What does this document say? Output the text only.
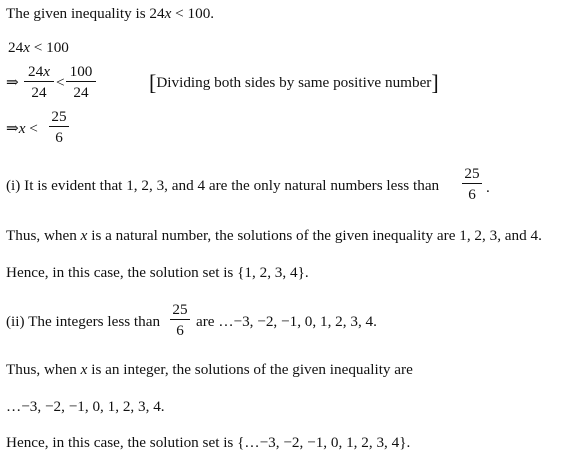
The given inequality is 24x < 100.
24x < 100
⇒
24x
24
<
100
24	[Dividing both sides by same positive number]
⇒x <
25
6
(i) It is evident that 1, 2, 3, and 4 are the only natural numbers less than
25
6 .
Thus, when x is a natural number, the solutions of the given inequality are 1, 2, 3, and 4.
Hence, in this case, the solution set is {1, 2, 3, 4}.
(ii) The integers less than
25
6
are …−3, −2, −1, 0, 1, 2, 3, 4.
Thus, when x is an integer, the solutions of the given inequality are
…−3, −2, −1, 0, 1, 2, 3, 4.
Hence, in this case, the solution set is {…−3, −2, −1, 0, 1, 2, 3, 4}.
